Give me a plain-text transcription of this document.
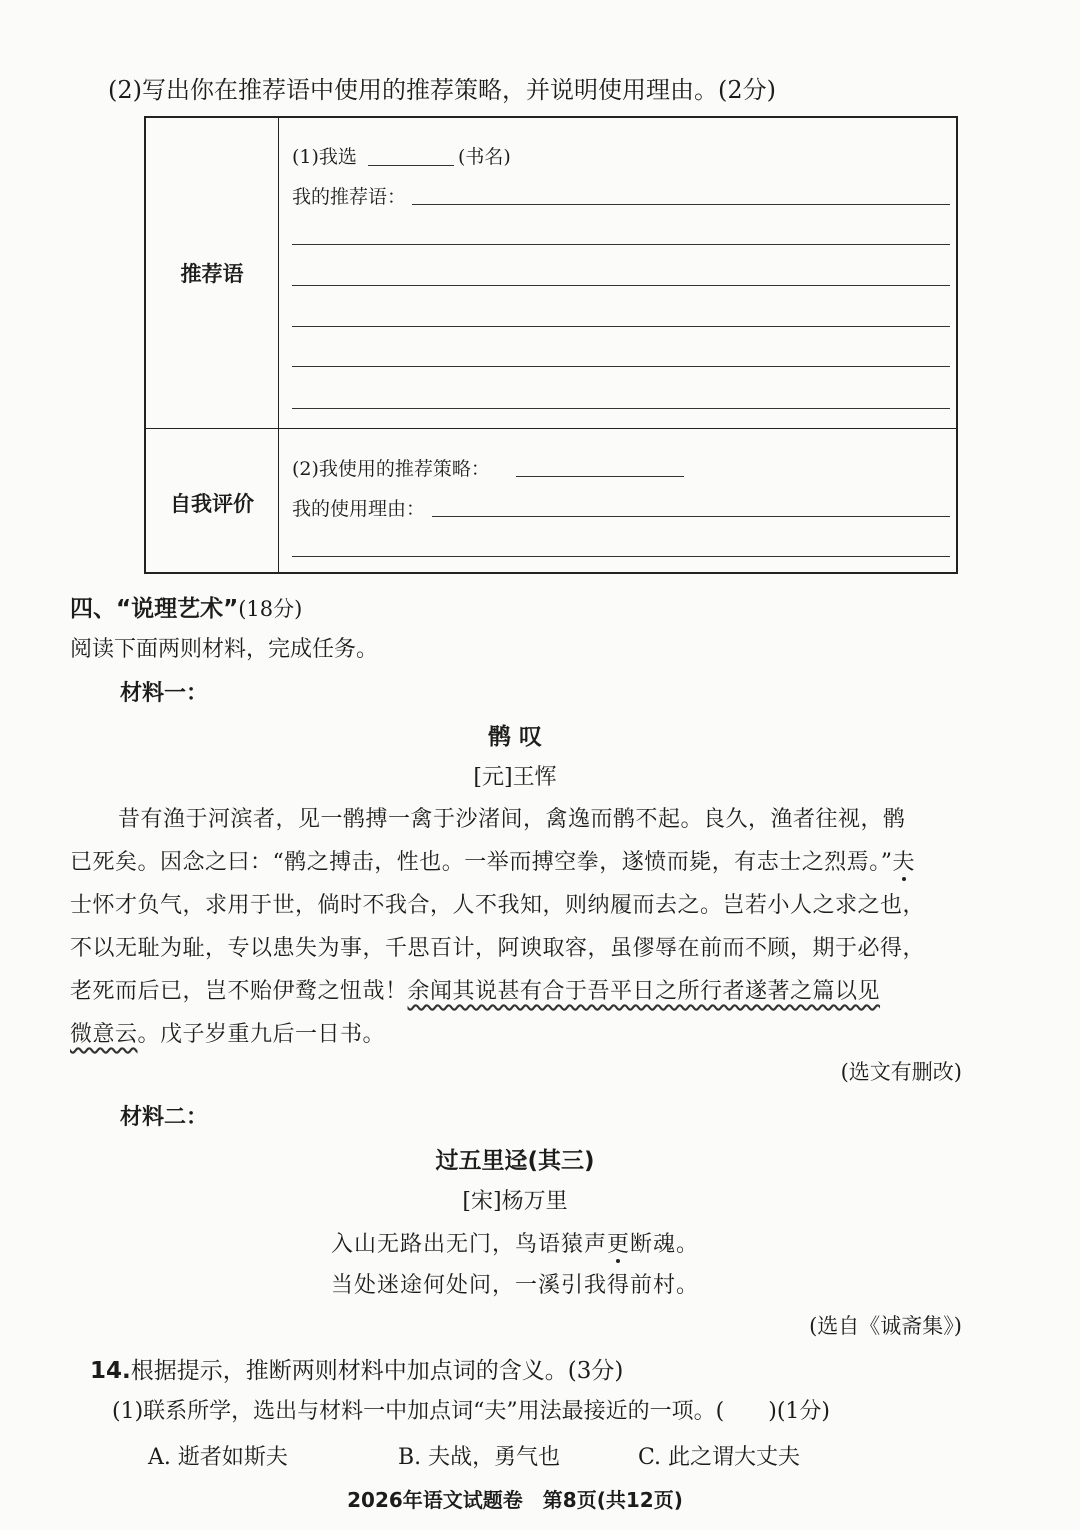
(2)写出你在推荐语中使用的推荐策略，并说明使用理由。(2分)
推荐语
(1)我选	(书名)
我的推荐语：
自我评价
(2)我使用的推荐策略：
我的使用理由：
四、“说理艺术”(18分)
阅读下面两则材料，完成任务。
材料一：
鹘 叹
[元]王恽
昔有渔于河滨者，见一鹘搏一禽于沙渚间，禽逸而鹘不起。良久，渔者往视，鹘
已死矣。因念之曰：“鹘之搏击，性也。一举而搏空拳，遂愤而毙，有志士之烈焉。”夫
士怀才负气，求用于世，倘时不我合，人不我知，则纳履而去之。岂若小人之求之也，
不以无耻为耻，专以患失为事，千思百计，阿谀取容，虽僇辱在前而不顾，期于必得，
老死而后已，岂不贻伊鹜之忸哉！余闻其说甚有合于吾平日之所行者遂著之篇以见
微意云。戊子岁重九后一日书。
(选文有删改)
材料二：
过五里迳(其三)
[宋]杨万里
入山无路出无门，鸟语猿声更断魂。
当处迷途何处问，一溪引我得前村。
(选自《诚斋集》)
14.根据提示，推断两则材料中加点词的含义。(3分)
(1)联系所学，选出与材料一中加点词“夫”用法最接近的一项。(　　)(1分)
A. 逝者如斯夫	B. 夫战，勇气也	C. 此之谓大丈夫
2026年语文试题卷　第8页(共12页)
